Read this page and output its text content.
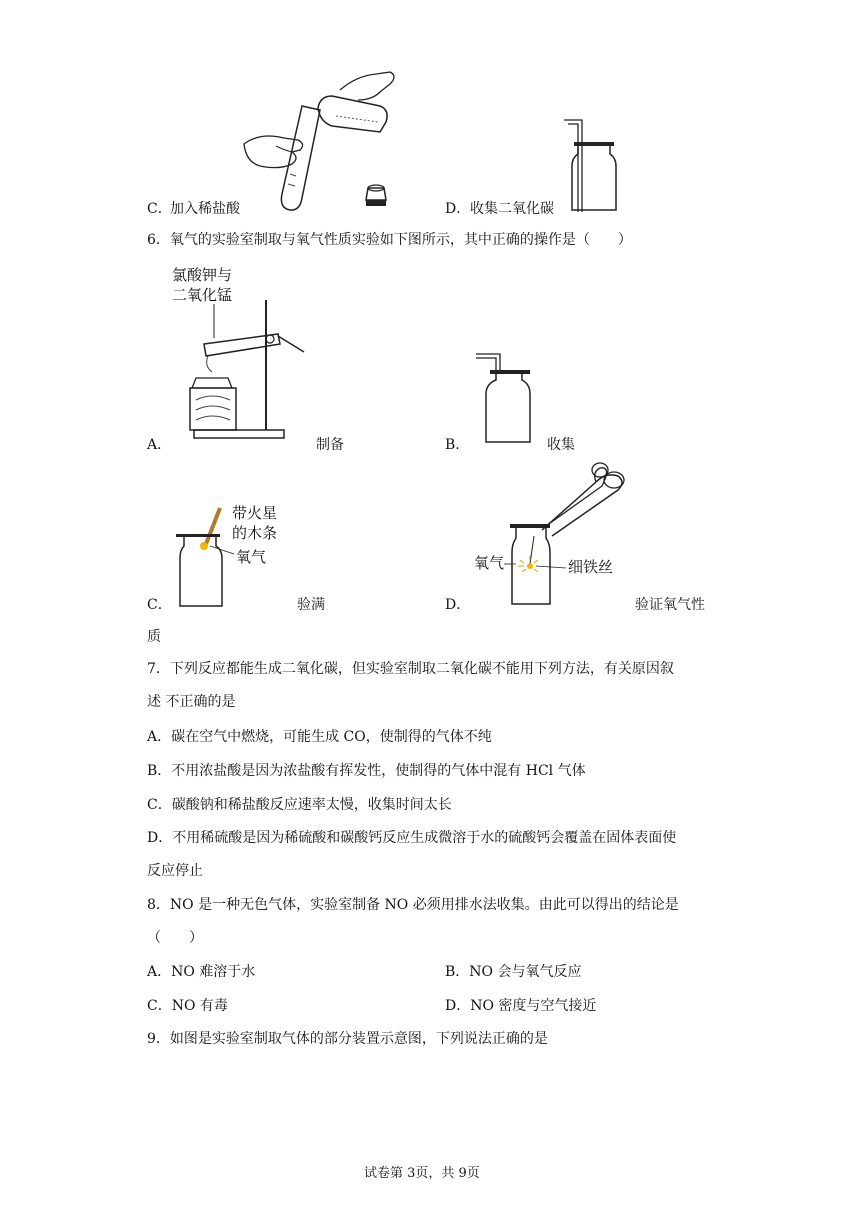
C．
加入稀盐酸	D． 收集二氧化碳
6．氧气的实验室制取与氧气性质实验如下图所示，其中正确的操作是（　　）
氯酸钾与
二氧化锰
A．	制备	B．	收集
带火星
的木条
氧气
C．	验满
氧气	细铁丝
D．	验证氧气性
质
7．下列反应都能生成二氧化碳，但实验室制取二氧化碳不能用下列方法，有关原因叙
述 不正确的是
A．碳在空气中燃烧，可能生成 CO，使制得的气体不纯
B．不用浓盐酸是因为浓盐酸有挥发性，使制得的气体中混有 HCl 气体
C．碳酸钠和稀盐酸反应速率太慢，收集时间太长
D．不用稀硫酸是因为稀硫酸和碳酸钙反应生成微溶于水的硫酸钙会覆盖在固体表面使
反应停止
8．NO 是一种无色气体，实验室制备 NO 必须用排水法收集。由此可以得出的结论是
（　　）
A．NO 难溶于水	B．NO 会与氧气反应
C．NO 有毒	D．NO 密度与空气接近
9．如图是实验室制取气体的部分装置示意图，下列说法正确的是
试卷第 3页，共 9页
